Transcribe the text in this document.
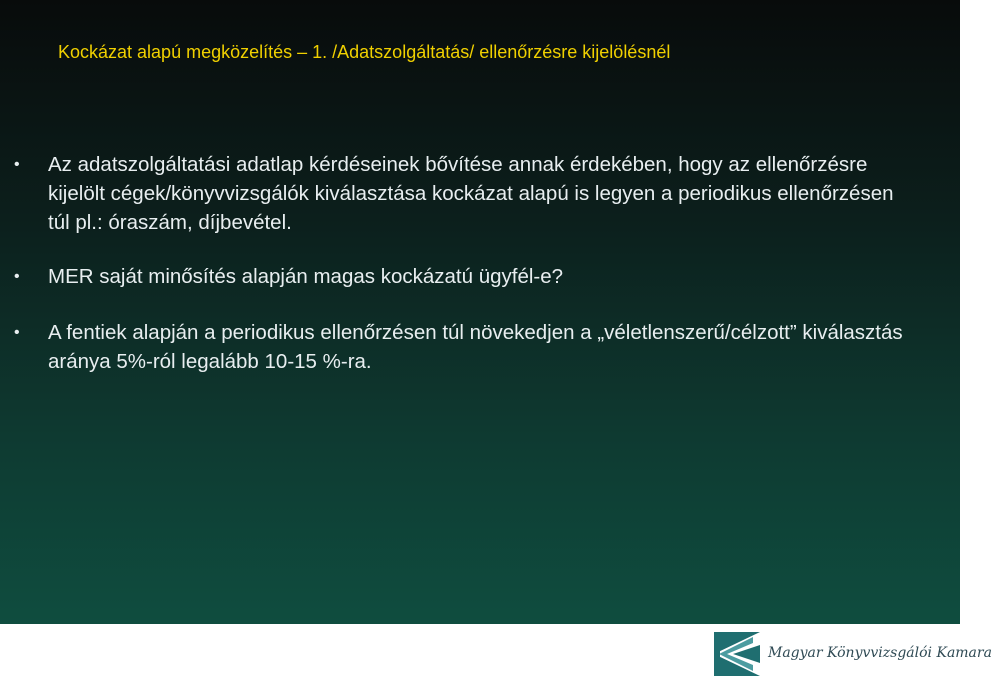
Kockázat alapú megközelítés – 1. /Adatszolgáltatás/ ellenőrzésre kijelölésnél
• Az adatszolgáltatási adatlap kérdéseinek bővítése annak érdekében, hogy az ellenőrzésre kijelölt cégek/könyvvizsgálók kiválasztása kockázat alapú is legyen a periodikus ellenőrzésen túl pl.: óraszám, díjbevétel.
• MER saját minősítés alapján magas kockázatú ügyfél-e?
• A fentiek alapján a periodikus ellenőrzésen túl növekedjen a „véletlenszerű/célzott” kiválasztás aránya 5%-ról legalább 10-15 %-ra.
Magyar Könyvvizsgálói Kamara
